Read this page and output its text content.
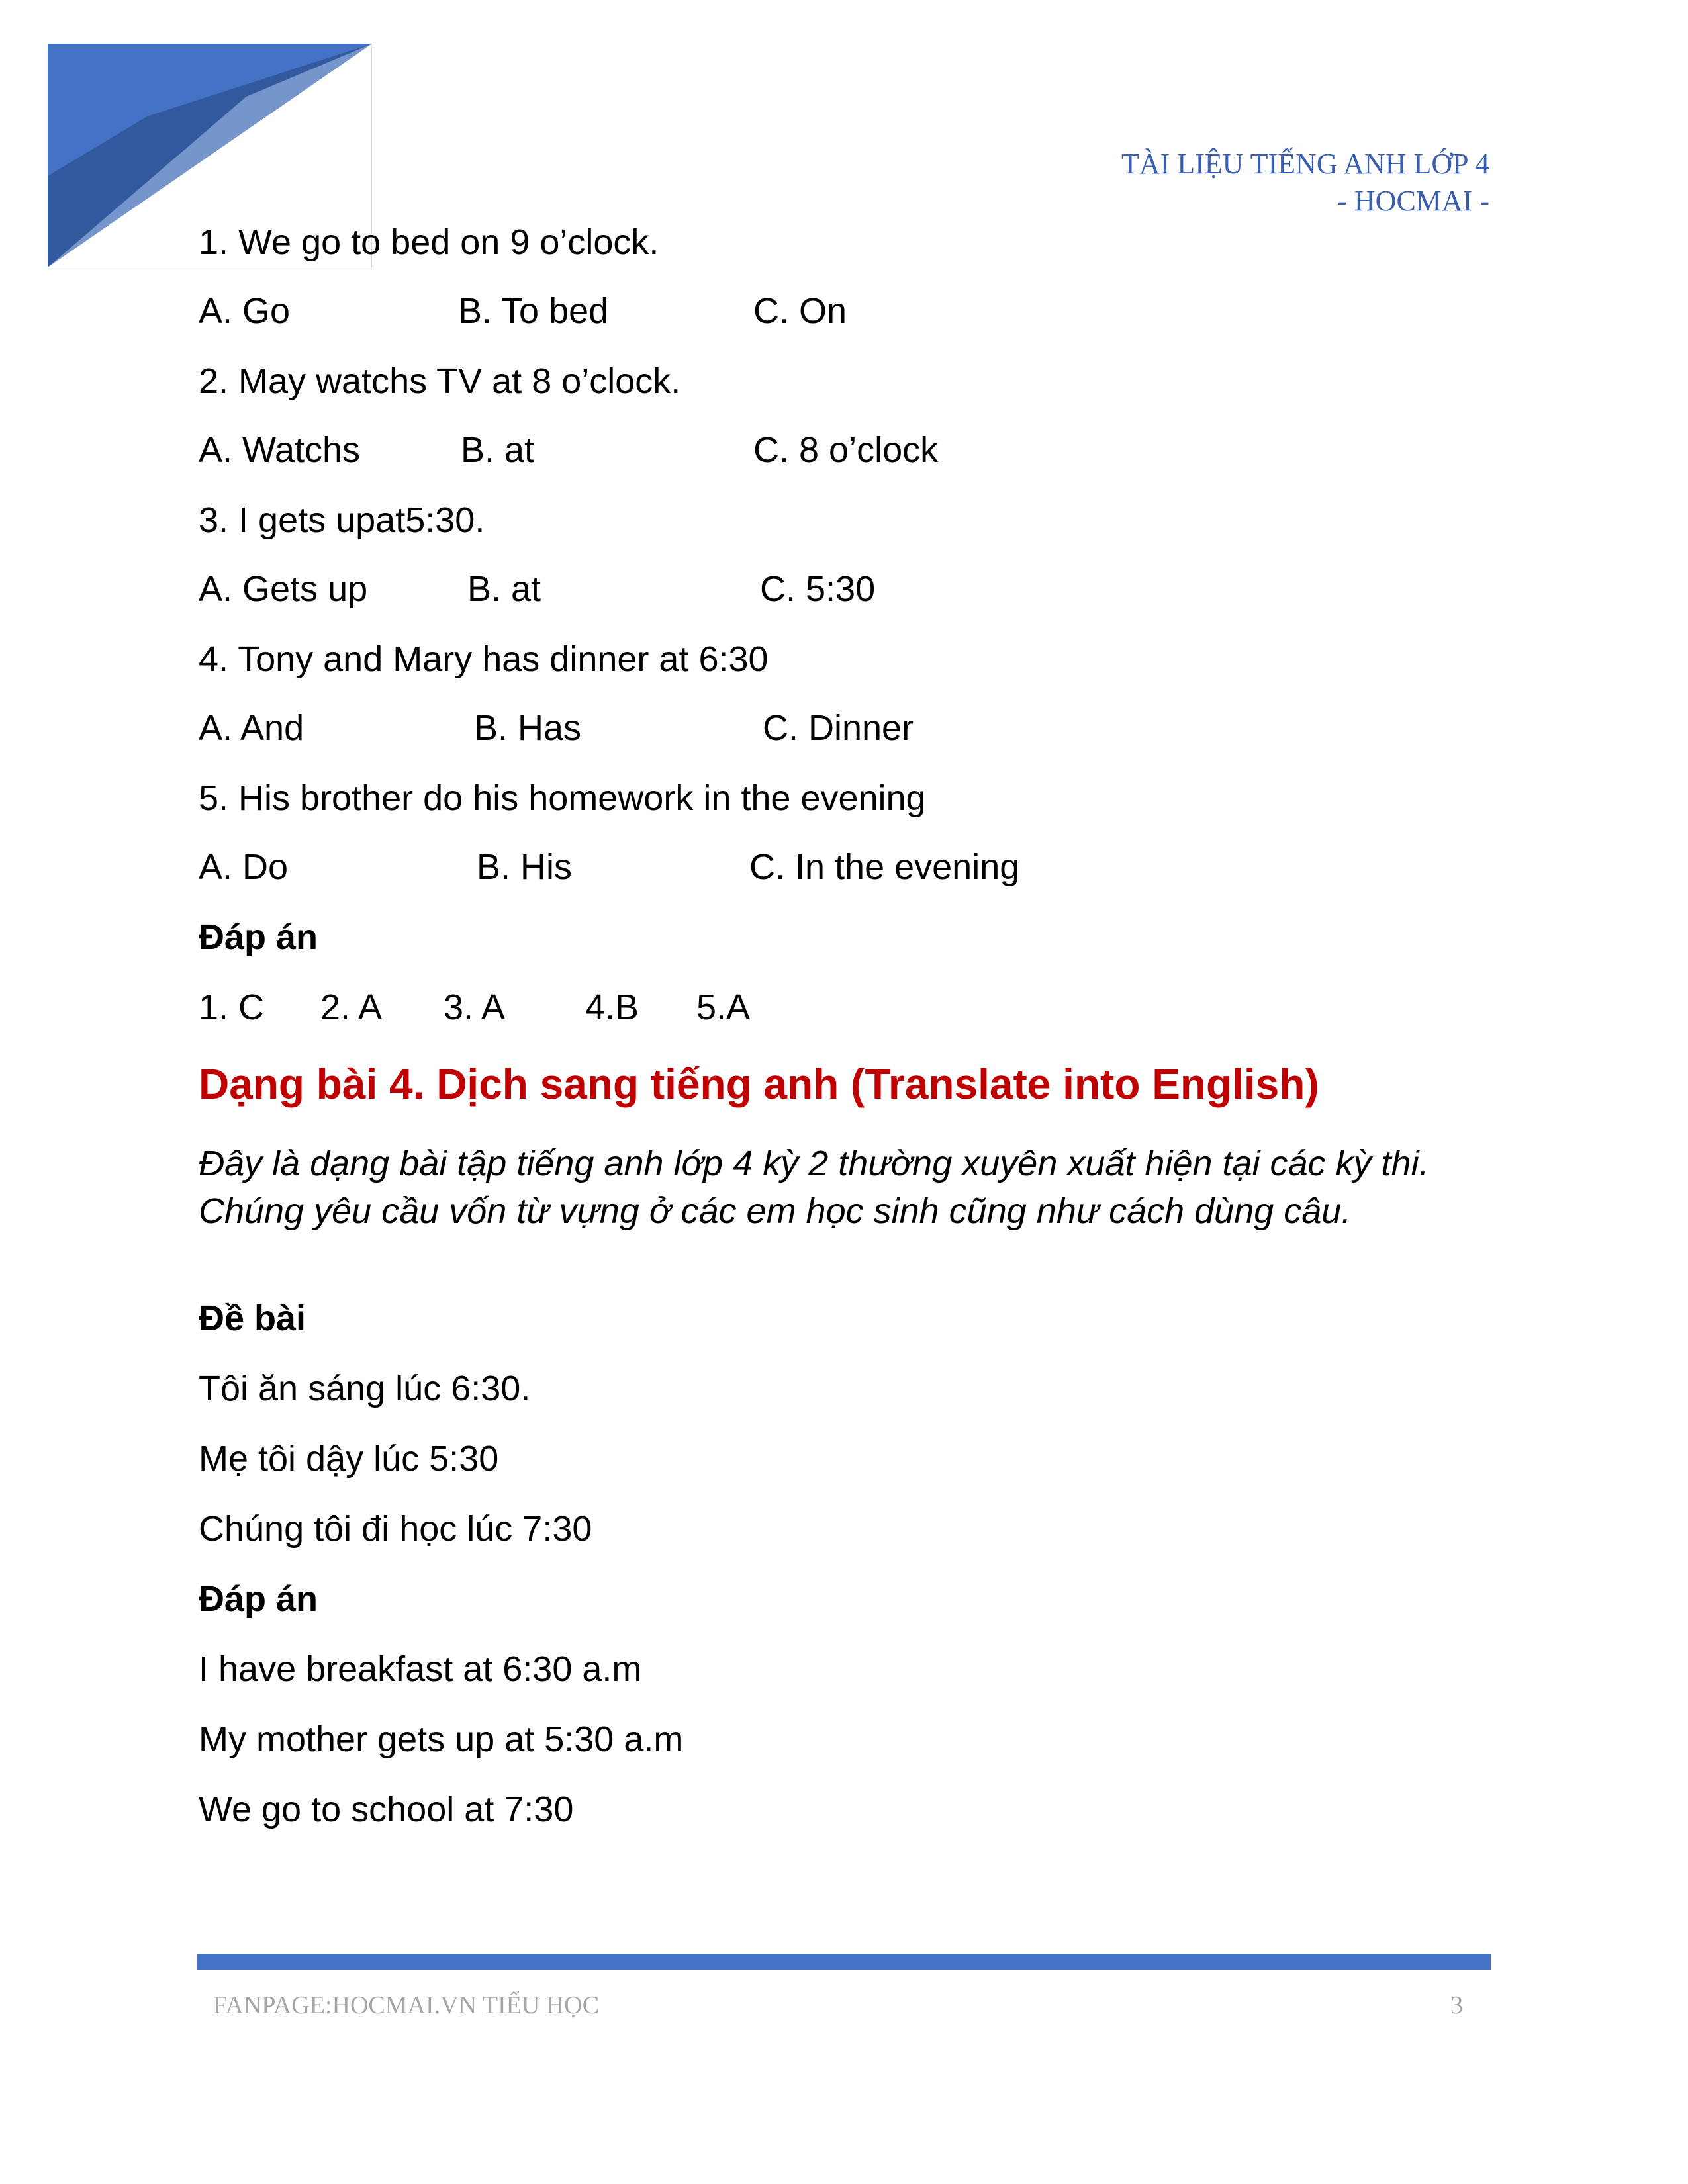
TÀI LIỆU TIẾNG ANH LỚP 4
- HOCMAI -
1. We go to bed on 9 o’clock.
A. Go	B. To bed	C. On
2. May watchs TV at 8 o’clock.
A. Watchs	B. at	C. 8 o’clock
3. I gets upat5:30.
A. Gets up	B. at	C. 5:30
4. Tony and Mary has dinner at 6:30
A. And	B. Has	C. Dinner
5. His brother do his homework in the evening
A. Do	B. His	C. In the evening
Đáp án
1. C 2. A 3. A 4.B 5.A
Dạng bài 4. Dịch sang tiếng anh (Translate into English)
Đây là dạng bài tập tiếng anh lớp 4 kỳ 2 thường xuyên xuất hiện tại các kỳ thi. Chúng yêu cầu vốn từ vựng ở các em học sinh cũng như cách dùng câu.
Đề bài
Tôi ăn sáng lúc 6:30.
Mẹ tôi dậy lúc 5:30
Chúng tôi đi học lúc 7:30
Đáp án
I have breakfast at 6:30 a.m
My mother gets up at 5:30 a.m
We go to school at 7:30
FANPAGE:HOCMAI.VN TIỂU HỌC	3
